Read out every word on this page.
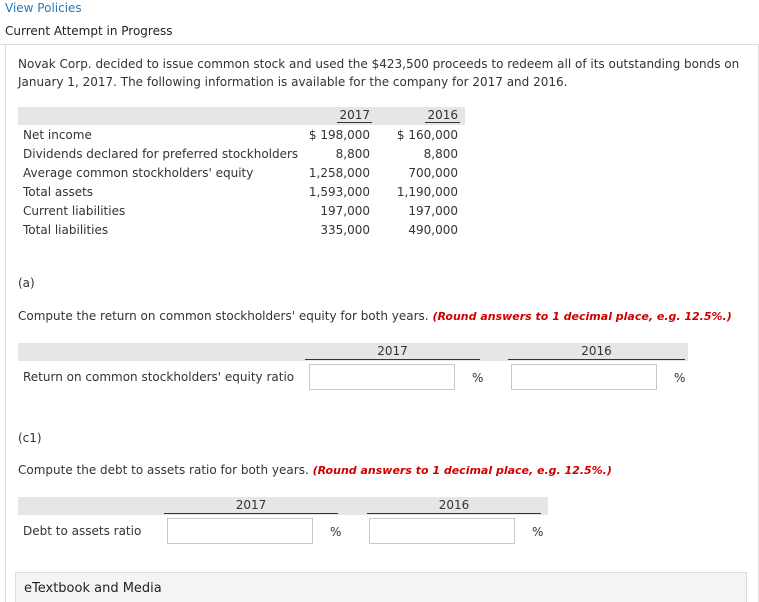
View Policies
Current Attempt in Progress
Novak Corp. decided to issue common stock and used the $423,500 proceeds to redeem all of its outstanding bonds on January 1, 2017. The following information is available for the company for 2017 and 2016.
2017	2016
Net income	$ 198,000 $ 160,000
Dividends declared for preferred stockholders	8,800	8,800
Average common stockholders' equity	1,258,000	700,000
Total assets	1,593,000 1,190,000
Current liabilities	197,000	197,000
Total liabilities	335,000	490,000
(a)
Compute the return on common stockholders' equity for both years. (Round answers to 1 decimal place, e.g. 12.5%.)
2017	2016
Return on common stockholders' equity ratio	%	%
(c1)
Compute the debt to assets ratio for both years. (Round answers to 1 decimal place, e.g. 12.5%.)
2017	2016
Debt to assets ratio	%	%
eTextbook and Media
